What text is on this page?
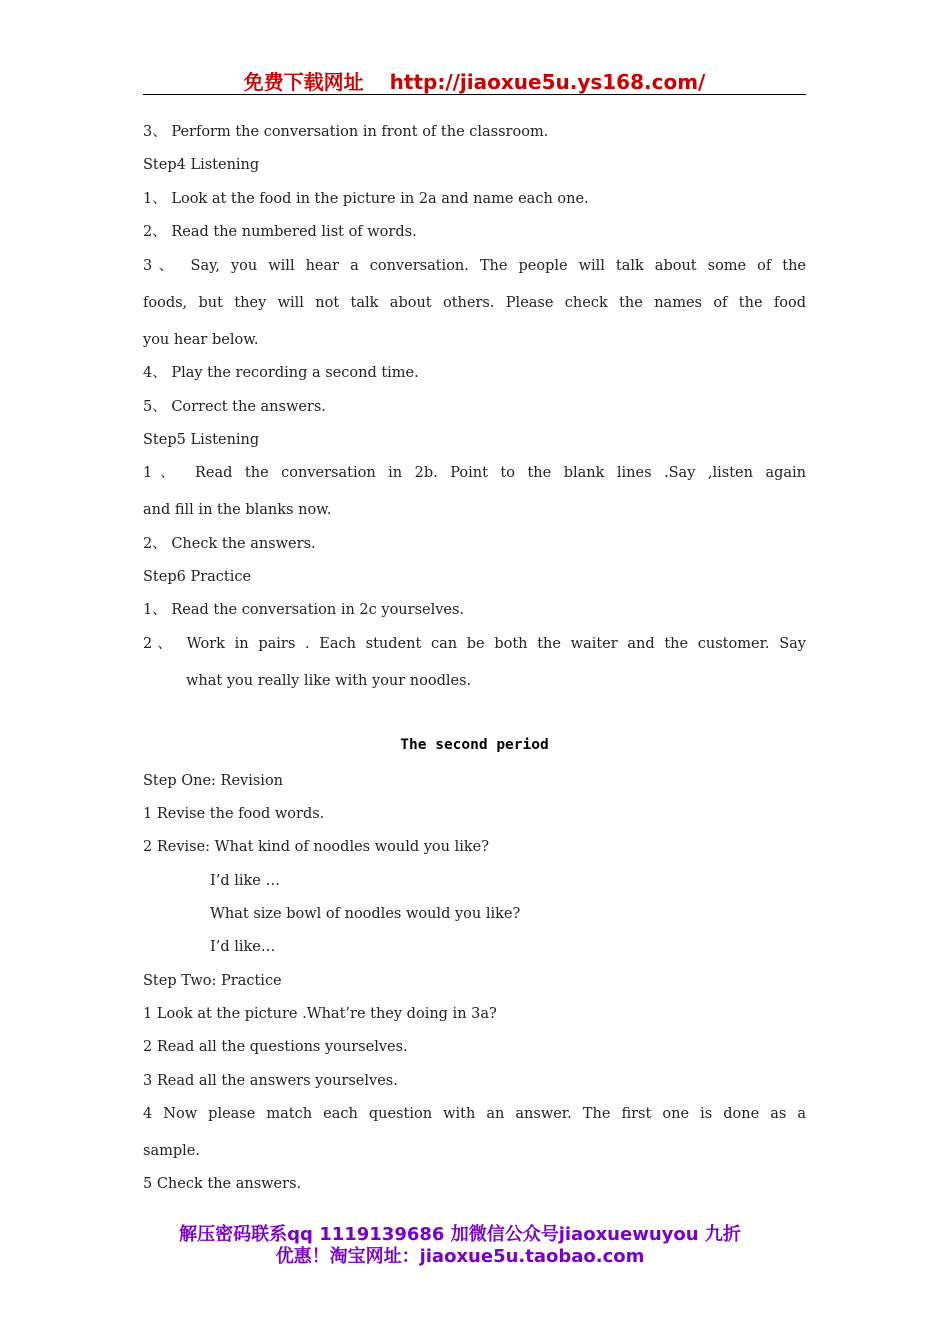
免费下载网址 http://jiaoxue5u.ys168.com/
3、 Perform the conversation in front of the classroom.
Step4 Listening
1、 Look at the food in the picture in 2a and name each one.
2、 Read the numbered list of words.
3、 Say, you will hear a conversation. The people will talk about some of the
foods, but they will not talk about others. Please check the names of the food
you hear below.
4、 Play the recording a second time.
5、 Correct the answers.
Step5 Listening
1、 Read the conversation in 2b. Point to the blank lines .Say ,listen again
and fill in the blanks now.
2、 Check the answers.
Step6 Practice
1、 Read the conversation in 2c yourselves.
2、 Work in pairs . Each student can be both the waiter and the customer. Say
what you really like with your noodles.
The second period
Step One: Revision
1 Revise the food words.
2 Revise: What kind of noodles would you like?
I’d like …
What size bowl of noodles would you like?
I’d like…
Step Two: Practice
1 Look at the picture .What’re they doing in 3a?
2 Read all the questions yourselves.
3 Read all the answers yourselves.
4 Now please match each question with an answer. The first one is done as a
sample.
5 Check the answers.
解压密码联系qq 1119139686 加微信公众号jiaoxuewuyou 九折
优惠！淘宝网址：jiaoxue5u.taobao.com
